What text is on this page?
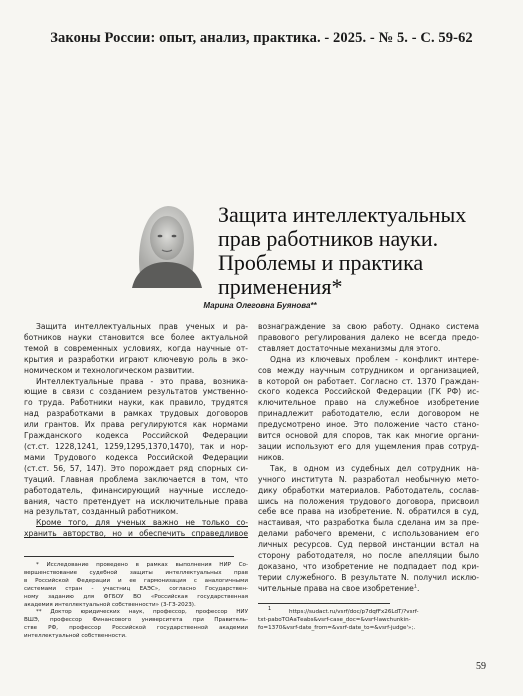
Законы России: опыт, анализ, практика. - 2025. - № 5. - С. 59-62
Защита интеллектуальных
прав работников науки.
Проблемы и практика
применения*
Марина Олеговна Буянова**
Защита интеллектуальных прав ученых и ра-
ботников науки становится все более актуальной
темой в современных условиях, когда научные от-
крытия и разработки играют ключевую роль в эко-
номическом и технологическом развитии.
Интеллектуальные права - это права, возника-
ющие в связи с созданием результатов умственно-
го труда. Работники науки, как правило, трудятся
над разработками в рамках трудовых договоров
или грантов. Их права регулируются как нормами
Гражданского кодекса Российской Федерации
(ст.ст. 1228,1241, 1259,1295,1370,1470), так и нор-
мами Трудового кодекса Российской Федерации
(ст.ст. 56, 57, 147). Это порождает ряд спорных си-
туаций. Главная проблема заключается в том, что
работодатель, финансирующий научные исследо-
вания, часто претендует на исключительные права
на результат, созданный работником.
Кроме того, для ученых важно не только со-
хранить авторство, но и обеспечить справедливое
* Исследование проведено в рамках выполнения НИР Со-
вершенствование судебной защиты интеллектуальных прав
в Российской Федерации и ее гармонизация с аналогичными
системами стран - участниц ЕАЭС», согласно Государствен-
ному заданию для ФГБОУ ВО «Российская государственная
академия интеллектуальной собственности» (3-ГЗ-2023).
** Доктор юридических наук, профессор, профессор НИУ
ВШЭ, профессор Финансового университета при Правитель-
стве РФ, профессор Российской государственной академии
интеллектуальной собственности.
вознаграждение за свою работу. Однако система
правового регулирования далеко не всегда предо-
ставляет достаточные механизмы для этого.
Одна из ключевых проблем - конфликт интере-
сов между научным сотрудником и организацией,
в которой он работает. Согласно ст. 1370 Граждан-
ского кодекса Российской Федерации (ГК РФ) ис-
ключительное право на служебное изобретение
принадлежит работодателю, если договором не
предусмотрено иное. Это положение часто стано-
вится основой для споров, так как многие органи-
зации используют его для ущемления прав сотруд-
ников.
Так, в одном из судебных дел сотрудник на-
учного института N. разработал необычную мето-
дику обработки материалов. Работодатель, сослав-
шись на положения трудового договора, присвоил
себе все права на изобретение. N. обратился в суд,
настаивая, что разработка была сделана им за пре-
делами рабочего времени, с использованием его
личных ресурсов. Суд первой инстанции встал на
сторону работодателя, но после апелляции было
доказано, что изобретение не подпадает под кри-
терии служебного. В результате N. получил исклю-
чительные права на свое изобретение$^1$.
$^1$	https://sudact.ru/vsrf/doc/p7dqfFx26LdT/?vsrf-
txt-pabоТОАаТеabs&vsrf-case_doc=&vsrf-lawchunkin-
fo=1370&vsrf-date_from=&vsrf-date_to=&vsrf-judge'»;.
59
